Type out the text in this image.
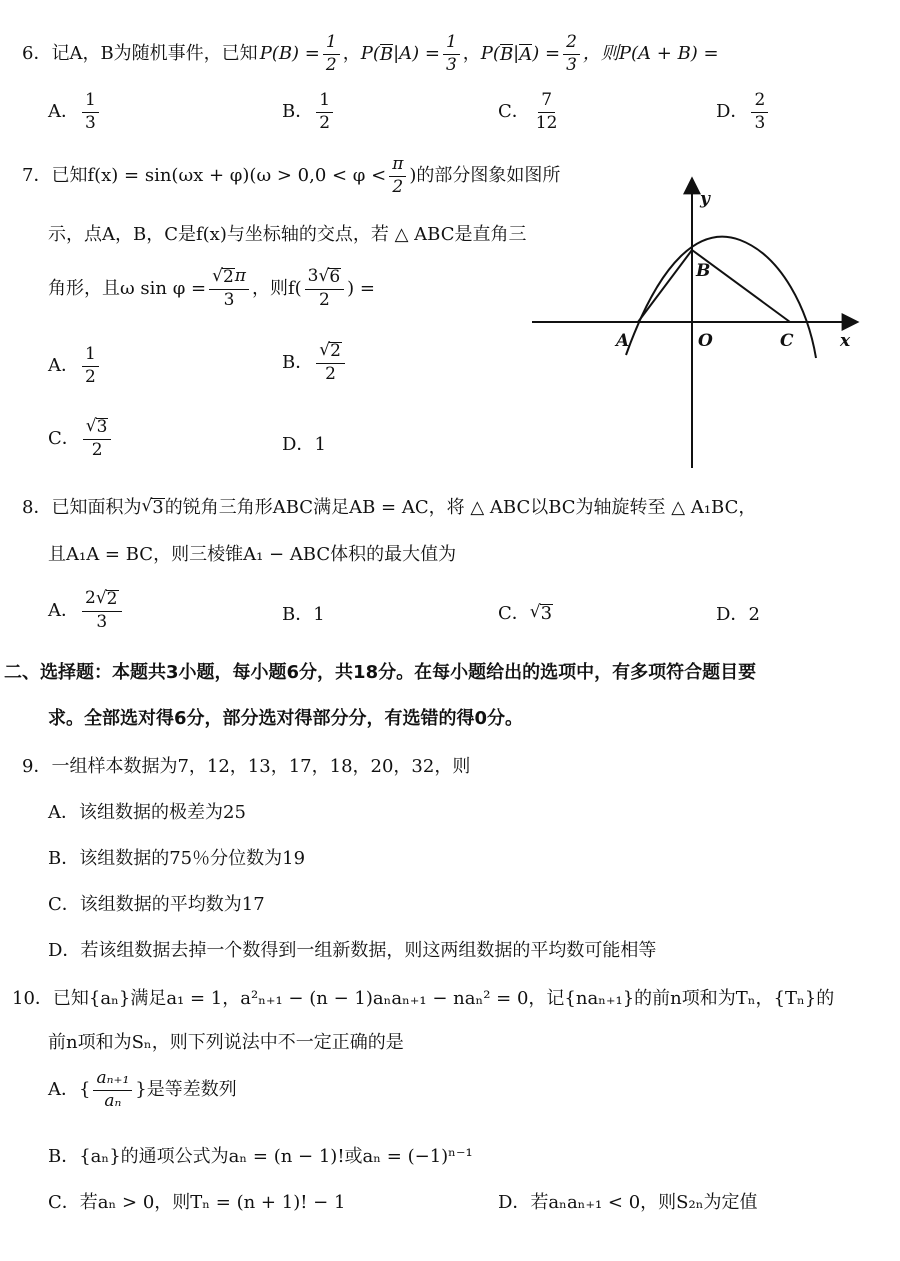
6． 记A，B为随机事件，已知 $P(B) = \frac{1}{2}$ ， P( B $|A) = \frac{1}{3}$ ， P( B | A ) = $\frac{2}{3}$ ，则P(A + B) =
A． $\frac{1}{3}$	B． $\frac{1}{2}$	C． $\frac{7}{12}$	D． $\frac{2}{3}$
7． 已知$f(x) = \sin(\omega x + \varphi)(\omega > 0,0 < \varphi < \frac{\pi}{2}$ )的部分图象如图所
示，点A，B，C是f(x)与坐标轴的交点，若 △ ABC是直角三
角形，且ω $\sin \varphi = \frac{√ 2 \pi}{3}$ ，则$f( \frac{3 √ 6}{2}$ ) =
A． $\frac{1}{2}$	B． $\frac{√ 2}{2}$
C． $\frac{√ 3}{2}$	D． 1
y
B
A	O	C	x
8． 已知面积为 √ 3 的锐角三角形ABC满足AB = AC，将 △ ABC以BC为轴旋转至 △ A₁BC，
且A₁A = BC，则三棱锥A₁ − ABC体积的最大值为
A． $\frac{2 √ 2}{3}$	B． 1	C． √ 3	D． 2
二、选择题：本题共3小题，每小题6分，共18分。在每小题给出的选项中，有多项符合题目要
求。全部选对得6分，部分选对得部分分，有选错的得0分。
9．一组样本数据为7，12，13，17，18，20，32，则
A．该组数据的极差为25
B．该组数据的75％分位数为19
C．该组数据的平均数为17
D．若该组数据去掉一个数得到一组新数据，则这两组数据的平均数可能相等
10．已知{aₙ}满足a₁ = 1，a²ₙ₊₁ − (n − 1)aₙaₙ₊₁ − naₙ² = 0，记{naₙ₊₁}的前n项和为Tₙ，{Tₙ}的
前n项和为Sₙ，则下列说法中不一定正确的是
A． { $\frac{\text{aₙ₊₁}}{\text{aₙ}}$ }是等差数列
B．{aₙ}的通项公式为aₙ = (n − 1)!或aₙ = (−1)ⁿ⁻¹
C．若aₙ > 0，则Tₙ = (n + 1)! − 1	D．若aₙaₙ₊₁ < 0，则S₂ₙ为定值
